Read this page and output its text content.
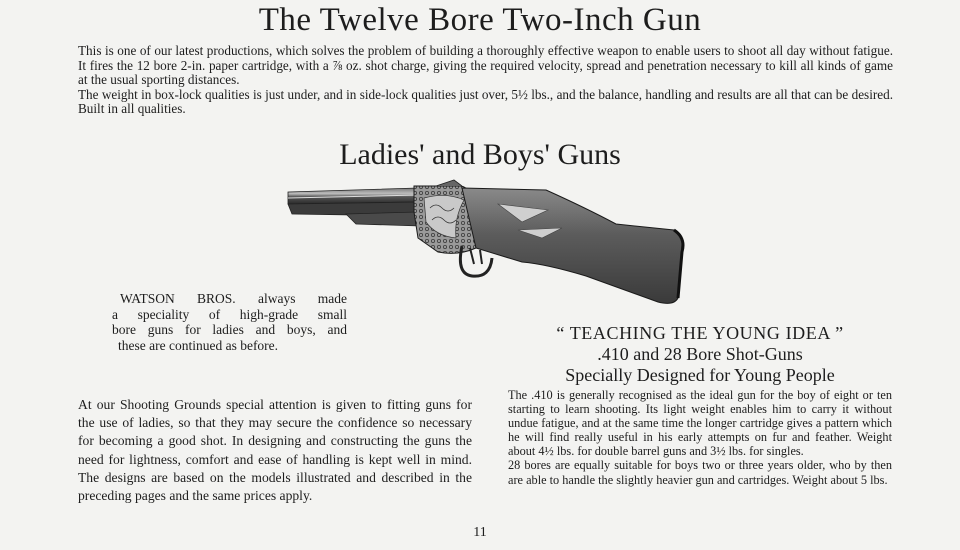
The Twelve Bore Two-Inch Gun

This is one of our latest productions, which solves the problem of building a thoroughly effective weapon to enable users to shoot all day without fatigue. It fires the 12 bore 2-in. paper cartridge, with a ⅞ oz. shot charge, giving the required velocity, spread and penetration necessary to kill all kinds of game at the usual sporting distances.

The weight in box-lock qualities is just under, and in side-lock qualities just over, 5½ lbs., and the balance, handling and results are all that can be desired. Built in all qualities.

Ladies' and Boys' Guns

WATSON BROS. always made
a speciality of high-grade small
bore guns for ladies and boys, and
these are continued as before.

“ TEACHING THE YOUNG IDEA ”
.410 and 28 Bore Shot-Guns
Specially Designed for Young People

At our Shooting Grounds special attention is given to fitting guns for the use of ladies, so that they may secure the confidence so necessary for becoming a good shot. In designing and constructing the guns the need for lightness, comfort and ease of handling is kept well in mind. The designs are based on the models illustrated and described in the preceding pages and the same prices apply.

The .410 is generally recognised as the ideal gun for the boy of eight or ten starting to learn shooting. Its light weight enables him to carry it without undue fatigue, and at the same time the longer cartridge gives a pattern which he will find really useful in his early attempts on fur and feather. Weight about 4½ lbs. for double barrel guns and 3½ lbs. for singles.

28 bores are equally suitable for boys two or three years older, who by then are able to handle the slightly heavier gun and cartridges. Weight about 5 lbs.

11
